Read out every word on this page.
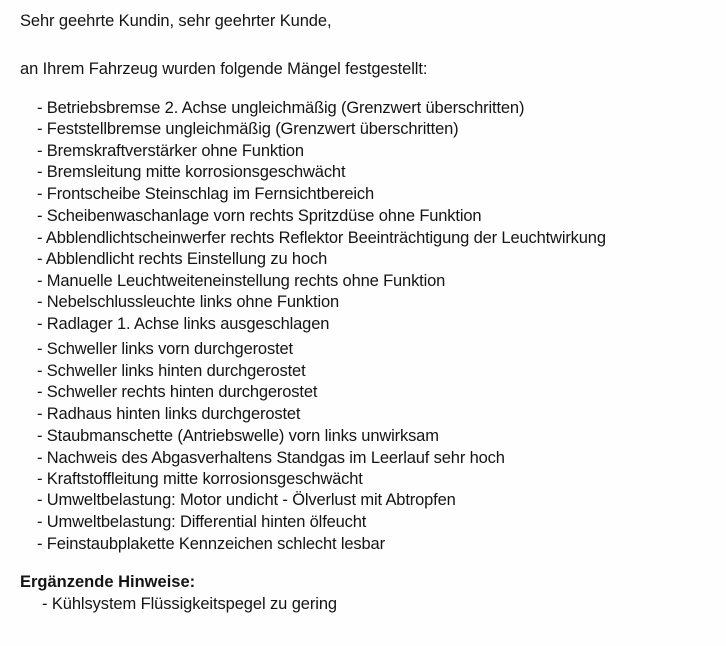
Sehr geehrte Kundin, sehr geehrter Kunde,
an Ihrem Fahrzeug wurden folgende Mängel festgestellt:
- Betriebsbremse 2. Achse ungleichmäßig (Grenzwert überschritten)
- Feststellbremse ungleichmäßig (Grenzwert überschritten)
- Bremskraftverstärker ohne Funktion
- Bremsleitung mitte korrosionsgeschwächt
- Frontscheibe Steinschlag im Fernsichtbereich
- Scheibenwaschanlage vorn rechts Spritzdüse ohne Funktion
- Abblendlichtscheinwerfer rechts Reflektor Beeinträchtigung der Leuchtwirkung
- Abblendlicht rechts Einstellung zu hoch
- Manuelle Leuchtweiteneinstellung rechts ohne Funktion
- Nebelschlussleuchte links ohne Funktion
- Radlager 1. Achse links ausgeschlagen
- Schweller links vorn durchgerostet
- Schweller links hinten durchgerostet
- Schweller rechts hinten durchgerostet
- Radhaus hinten links durchgerostet
- Staubmanschette (Antriebswelle) vorn links unwirksam
- Nachweis des Abgasverhaltens Standgas im Leerlauf sehr hoch
- Kraftstoffleitung mitte korrosionsgeschwächt
- Umweltbelastung: Motor undicht - Ölverlust mit Abtropfen
- Umweltbelastung: Differential hinten ölfeucht
- Feinstaubplakette Kennzeichen schlecht lesbar
Ergänzende Hinweise:
- Kühlsystem Flüssigkeitspegel zu gering
